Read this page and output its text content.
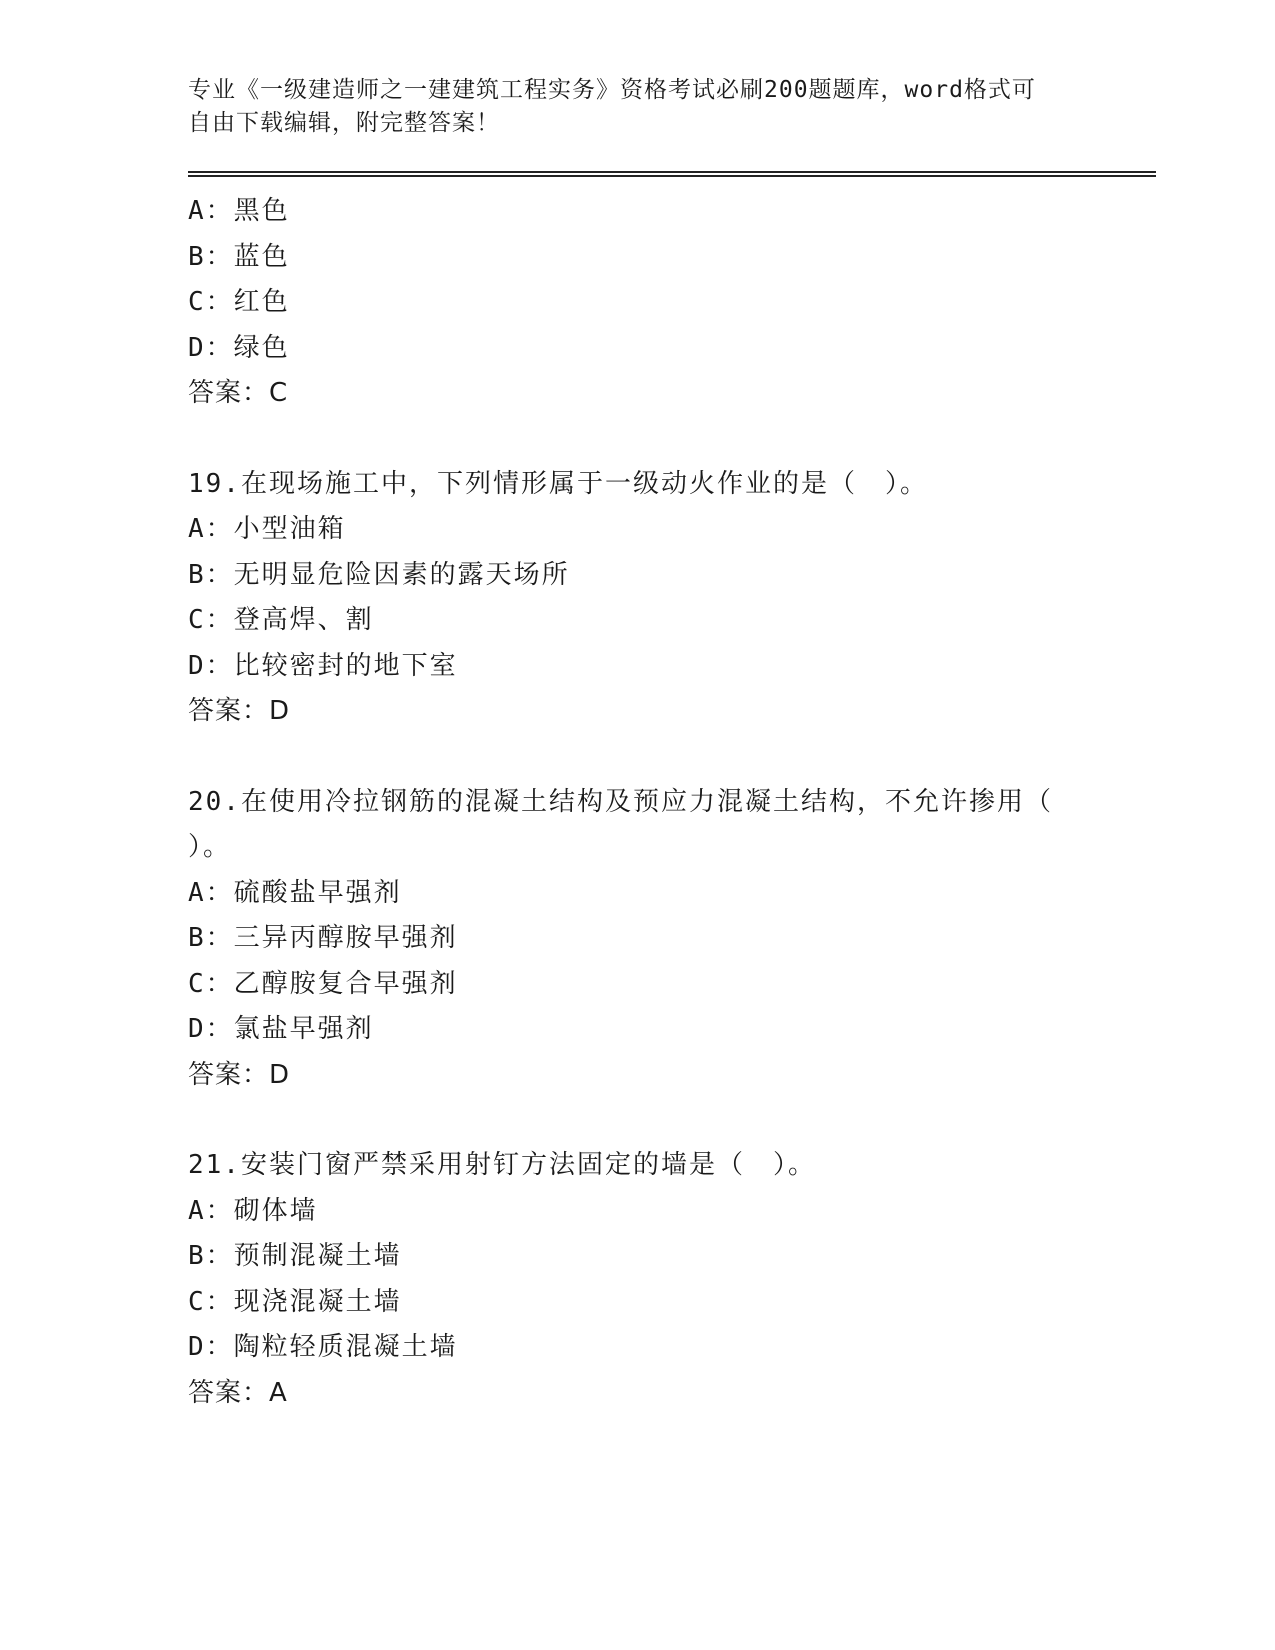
专业《一级建造师之一建建筑工程实务》资格考试必刷200题题库，word格式可
自由下载编辑，附完整答案！
A：黑色
B：蓝色
C：红色
D：绿色
答案：C
19.在现场施工中，下列情形属于一级动火作业的是（　）。
A：小型油箱
B：无明显危险因素的露天场所
C：登高焊、割
D：比较密封的地下室
答案：D
20.在使用冷拉钢筋的混凝土结构及预应力混凝土结构，不允许掺用（
）。
A：硫酸盐早强剂
B：三异丙醇胺早强剂
C：乙醇胺复合早强剂
D：氯盐早强剂
答案：D
21.安装门窗严禁采用射钉方法固定的墙是（　）。
A：砌体墙
B：预制混凝土墙
C：现浇混凝土墙
D：陶粒轻质混凝土墙
答案：A
